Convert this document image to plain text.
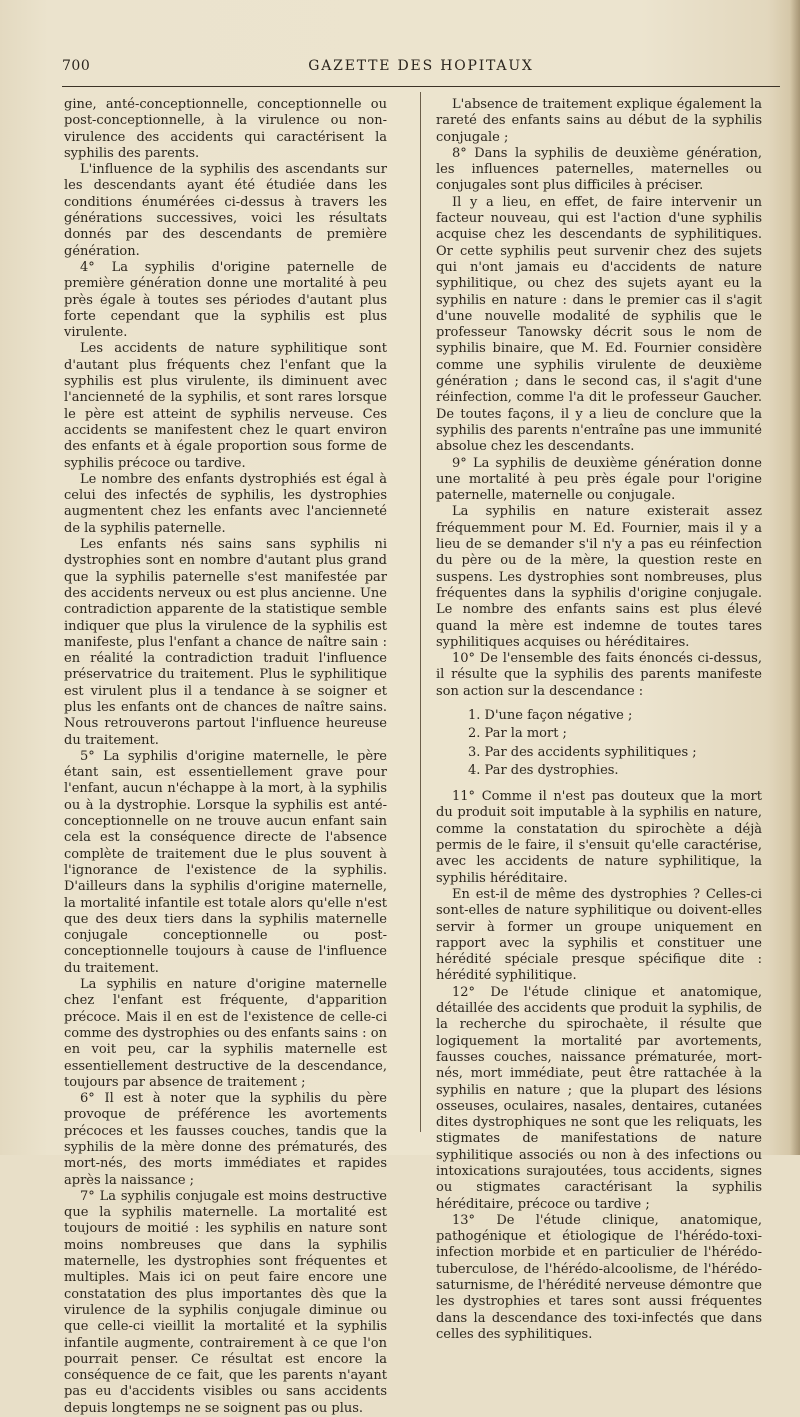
700	GAZETTE DES HOPITAUX

gine, anté-conceptionnelle, conceptionnelle ou post-conceptionnelle, à la virulence ou non-virulence des accidents qui caractérisent la syphilis des parents.

L'influence de la syphilis des ascendants sur les descendants ayant été étudiée dans les conditions énumérées ci-dessus à travers les générations successives, voici les résultats donnés par des descendants de première génération.

4° La syphilis d'origine paternelle de première génération donne une mortalité à peu près égale à toutes ses périodes d'autant plus forte cependant que la syphilis est plus virulente.

Les accidents de nature syphilitique sont d'autant plus fréquents chez l'enfant que la syphilis est plus virulente, ils diminuent avec l'ancienneté de la syphilis, et sont rares lorsque le père est atteint de syphilis nerveuse. Ces accidents se manifestent chez le quart environ des enfants et à égale proportion sous forme de syphilis précoce ou tardive.

Le nombre des enfants dystrophiés est égal à celui des infectés de syphilis, les dystrophies augmentent chez les enfants avec l'ancienneté de la syphilis paternelle.

Les enfants nés sains sans syphilis ni dystrophies sont en nombre d'autant plus grand que la syphilis paternelle s'est manifestée par des accidents nerveux ou est plus ancienne. Une contradiction apparente de la statistique semble indiquer que plus la virulence de la syphilis est manifeste, plus l'enfant a chance de naître sain : en réalité la contradiction traduit l'influence préservatrice du traitement. Plus le syphilitique est virulent plus il a tendance à se soigner et plus les enfants ont de chances de naître sains. Nous retrouverons partout l'influence heureuse du traitement.

5° La syphilis d'origine maternelle, le père étant sain, est essentiellement grave pour l'enfant, aucun n'échappe à la mort, à la syphilis ou à la dystrophie. Lorsque la syphilis est anté-conceptionnelle on ne trouve aucun enfant sain cela est la conséquence directe de l'absence complète de traitement due le plus souvent à l'ignorance de l'existence de la syphilis. D'ailleurs dans la syphilis d'origine maternelle, la mortalité infantile est totale alors qu'elle n'est que des deux tiers dans la syphilis maternelle conjugale conceptionnelle ou post-conceptionnelle toujours à cause de l'influence du traitement.

La syphilis en nature d'origine maternelle chez l'enfant est fréquente, d'apparition précoce. Mais il en est de l'existence de celle-ci comme des dystrophies ou des enfants sains : on en voit peu, car la syphilis maternelle est essentiellement destructive de la descendance, toujours par absence de traitement ;

6° Il est à noter que la syphilis du père provoque de préférence les avortements précoces et les fausses couches, tandis que la syphilis de la mère donne des prématurés, des mort-nés, des morts immédiates et rapides après la naissance ;

7° La syphilis conjugale est moins destructive que la syphilis maternelle. La mortalité est toujours de moitié : les syphilis en nature sont moins nombreuses que dans la syphilis maternelle, les dystrophies sont fréquentes et multiples. Mais ici on peut faire encore une constatation des plus importantes dès que la virulence de la syphilis conjugale diminue ou que celle-ci vieillit la mortalité et la syphilis infantile augmente, contrairement à ce que l'on pourrait penser. Ce résultat est encore la conséquence de ce fait, que les parents n'ayant pas eu d'accidents visibles ou sans accidents depuis longtemps ne se soignent pas ou plus.

L'absence de traitement explique également la rareté des enfants sains au début de la syphilis conjugale ;

8° Dans la syphilis de deuxième génération, les influences paternelles, maternelles ou conjugales sont plus difficiles à préciser.

Il y a lieu, en effet, de faire intervenir un facteur nouveau, qui est l'action d'une syphilis acquise chez les descendants de syphilitiques. Or cette syphilis peut survenir chez des sujets qui n'ont jamais eu d'accidents de nature syphilitique, ou chez des sujets ayant eu la syphilis en nature : dans le premier cas il s'agit d'une nouvelle modalité de syphilis que le professeur Tanowsky décrit sous le nom de syphilis binaire, que M. Ed. Fournier considère comme une syphilis virulente de deuxième génération ; dans le second cas, il s'agit d'une réinfection, comme l'a dit le professeur Gaucher. De toutes façons, il y a lieu de conclure que la syphilis des parents n'entraîne pas une immunité absolue chez les descendants.

9° La syphilis de deuxième génération donne une mortalité à peu près égale pour l'origine paternelle, maternelle ou conjugale.

La syphilis en nature existerait assez fréquemment pour M. Ed. Fournier, mais il y a lieu de se demander s'il n'y a pas eu réinfection du père ou de la mère, la question reste en suspens. Les dystrophies sont nombreuses, plus fréquentes dans la syphilis d'origine conjugale. Le nombre des enfants sains est plus élevé quand la mère est indemne de toutes tares syphilitiques acquises ou héréditaires.

10° De l'ensemble des faits énoncés ci-dessus, il résulte que la syphilis des parents manifeste son action sur la descendance :

1. D'une façon négative ;
2. Par la mort ;
3. Par des accidents syphilitiques ;
4. Par des dystrophies.

11° Comme il n'est pas douteux que la mort du produit soit imputable à la syphilis en nature, comme la constatation du spirochète a déjà permis de le faire, il s'ensuit qu'elle caractérise, avec les accidents de nature syphilitique, la syphilis héréditaire.

En est-il de même des dystrophies ? Celles-ci sont-elles de nature syphilitique ou doivent-elles servir à former un groupe uniquement en rapport avec la syphilis et constituer une hérédité spéciale presque spécifique dite : hérédité syphilitique.

12° De l'étude clinique et anatomique, détaillée des accidents que produit la syphilis, de la recherche du spirochaète, il résulte que logiquement la mortalité par avortements, fausses couches, naissance prématurée, mort-nés, mort immédiate, peut être rattachée à la syphilis en nature ; que la plupart des lésions osseuses, oculaires, nasales, dentaires, cutanées dites dystrophiques ne sont que les reliquats, les stigmates de manifestations de nature syphilitique associés ou non à des infections ou intoxications surajoutées, tous accidents, signes ou stigmates caractérisant la syphilis héréditaire, précoce ou tardive ;

13° De l'étude clinique, anatomique, pathogénique et étiologique de l'hérédo-toxi-infection morbide et en particulier de l'hérédo-tuberculose, de l'hérédo-alcoolisme, de l'hérédo-saturnisme, de l'hérédité nerveuse démontre que les dystrophies et tares sont aussi fréquentes dans la descendance des toxi-infectés que dans celles des syphilitiques.
